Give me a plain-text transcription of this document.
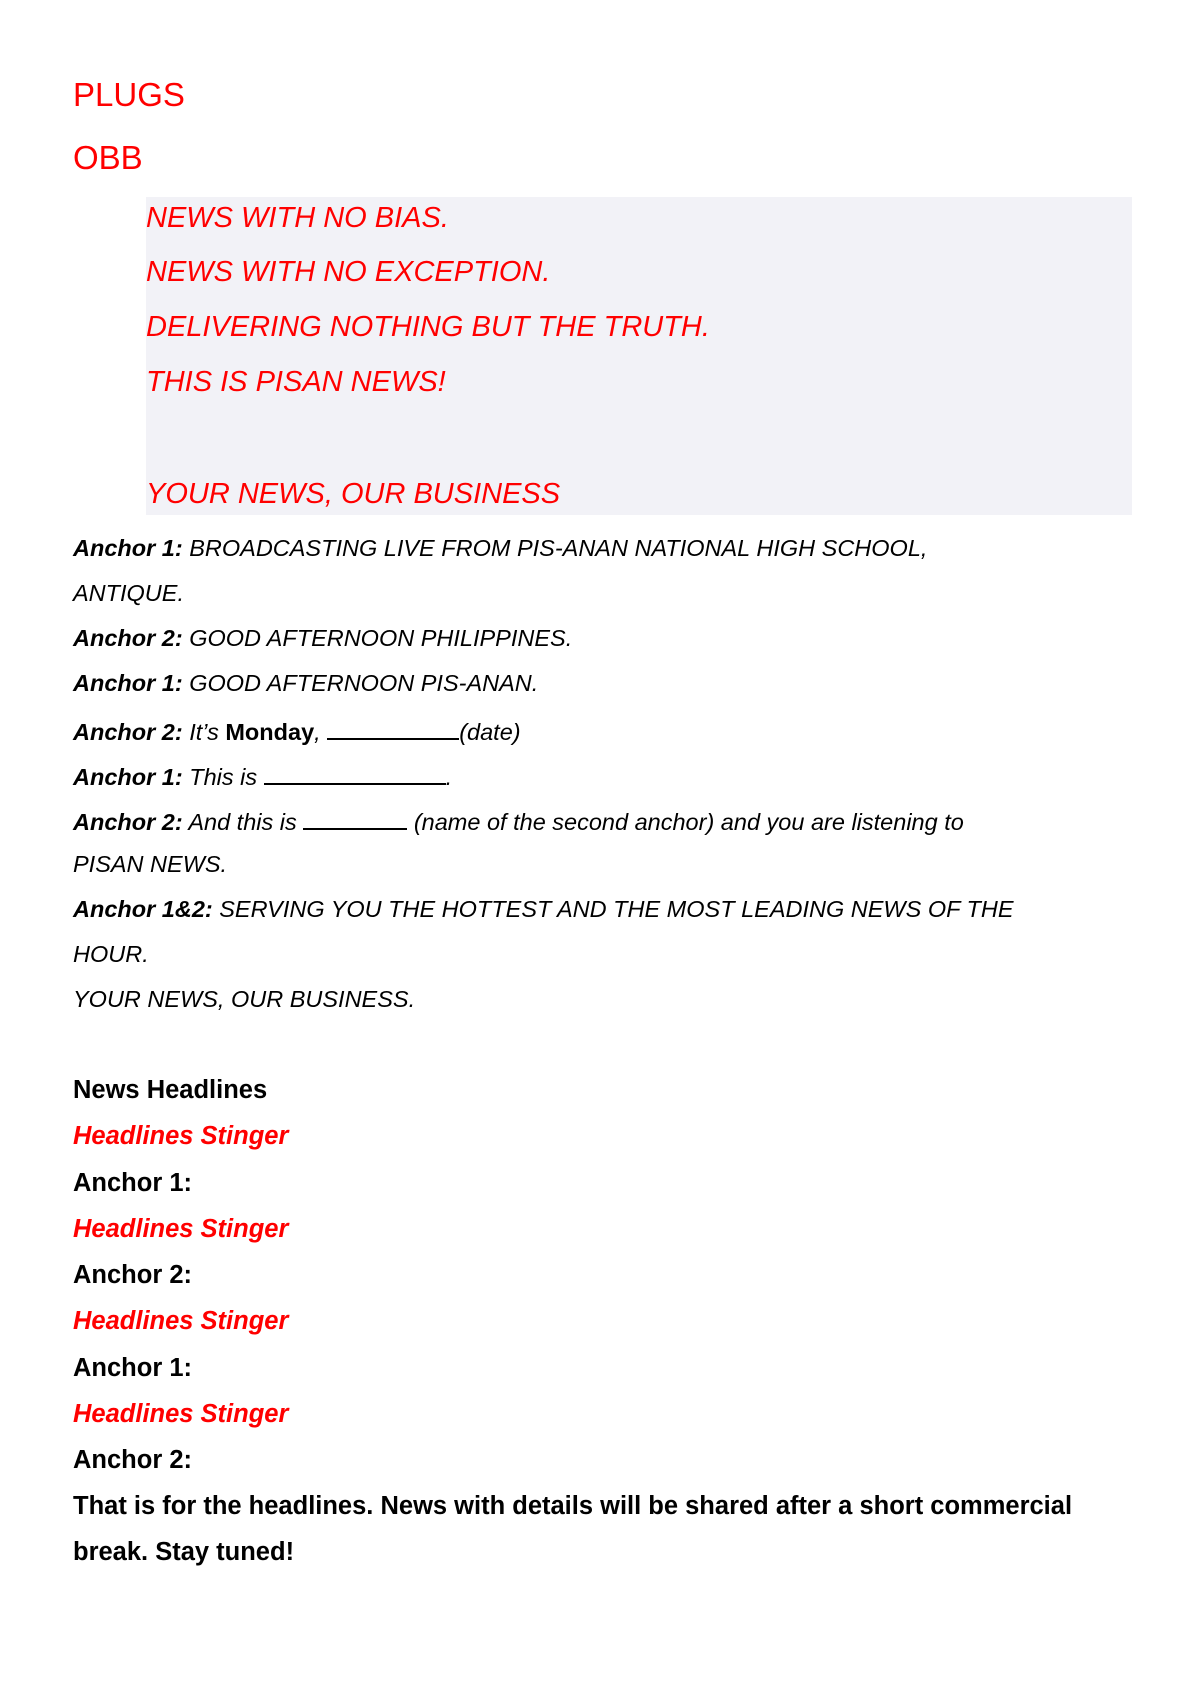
PLUGS
OBB
NEWS WITH NO BIAS.
NEWS WITH NO EXCEPTION.
DELIVERING NOTHING BUT THE TRUTH.
THIS IS PISAN NEWS!
YOUR NEWS, OUR BUSINESS
Anchor 1: BROADCASTING LIVE FROM PIS-ANAN NATIONAL HIGH SCHOOL,
ANTIQUE.
Anchor 2: GOOD AFTERNOON PHILIPPINES.
Anchor 1: GOOD AFTERNOON PIS-ANAN.
Anchor 2: It’s Monday,	(date)
Anchor 1: This is	.
Anchor 2: And this is	(name of the second anchor) and you are listening to
PISAN NEWS.
Anchor 1&2: SERVING YOU THE HOTTEST AND THE MOST LEADING NEWS OF THE
HOUR.
YOUR NEWS, OUR BUSINESS.
News Headlines
Headlines Stinger
Anchor 1:
Headlines Stinger
Anchor 2:
Headlines Stinger
Anchor 1:
Headlines Stinger
Anchor 2:
That is for the headlines. News with details will be shared after a short commercial
break. Stay tuned!
